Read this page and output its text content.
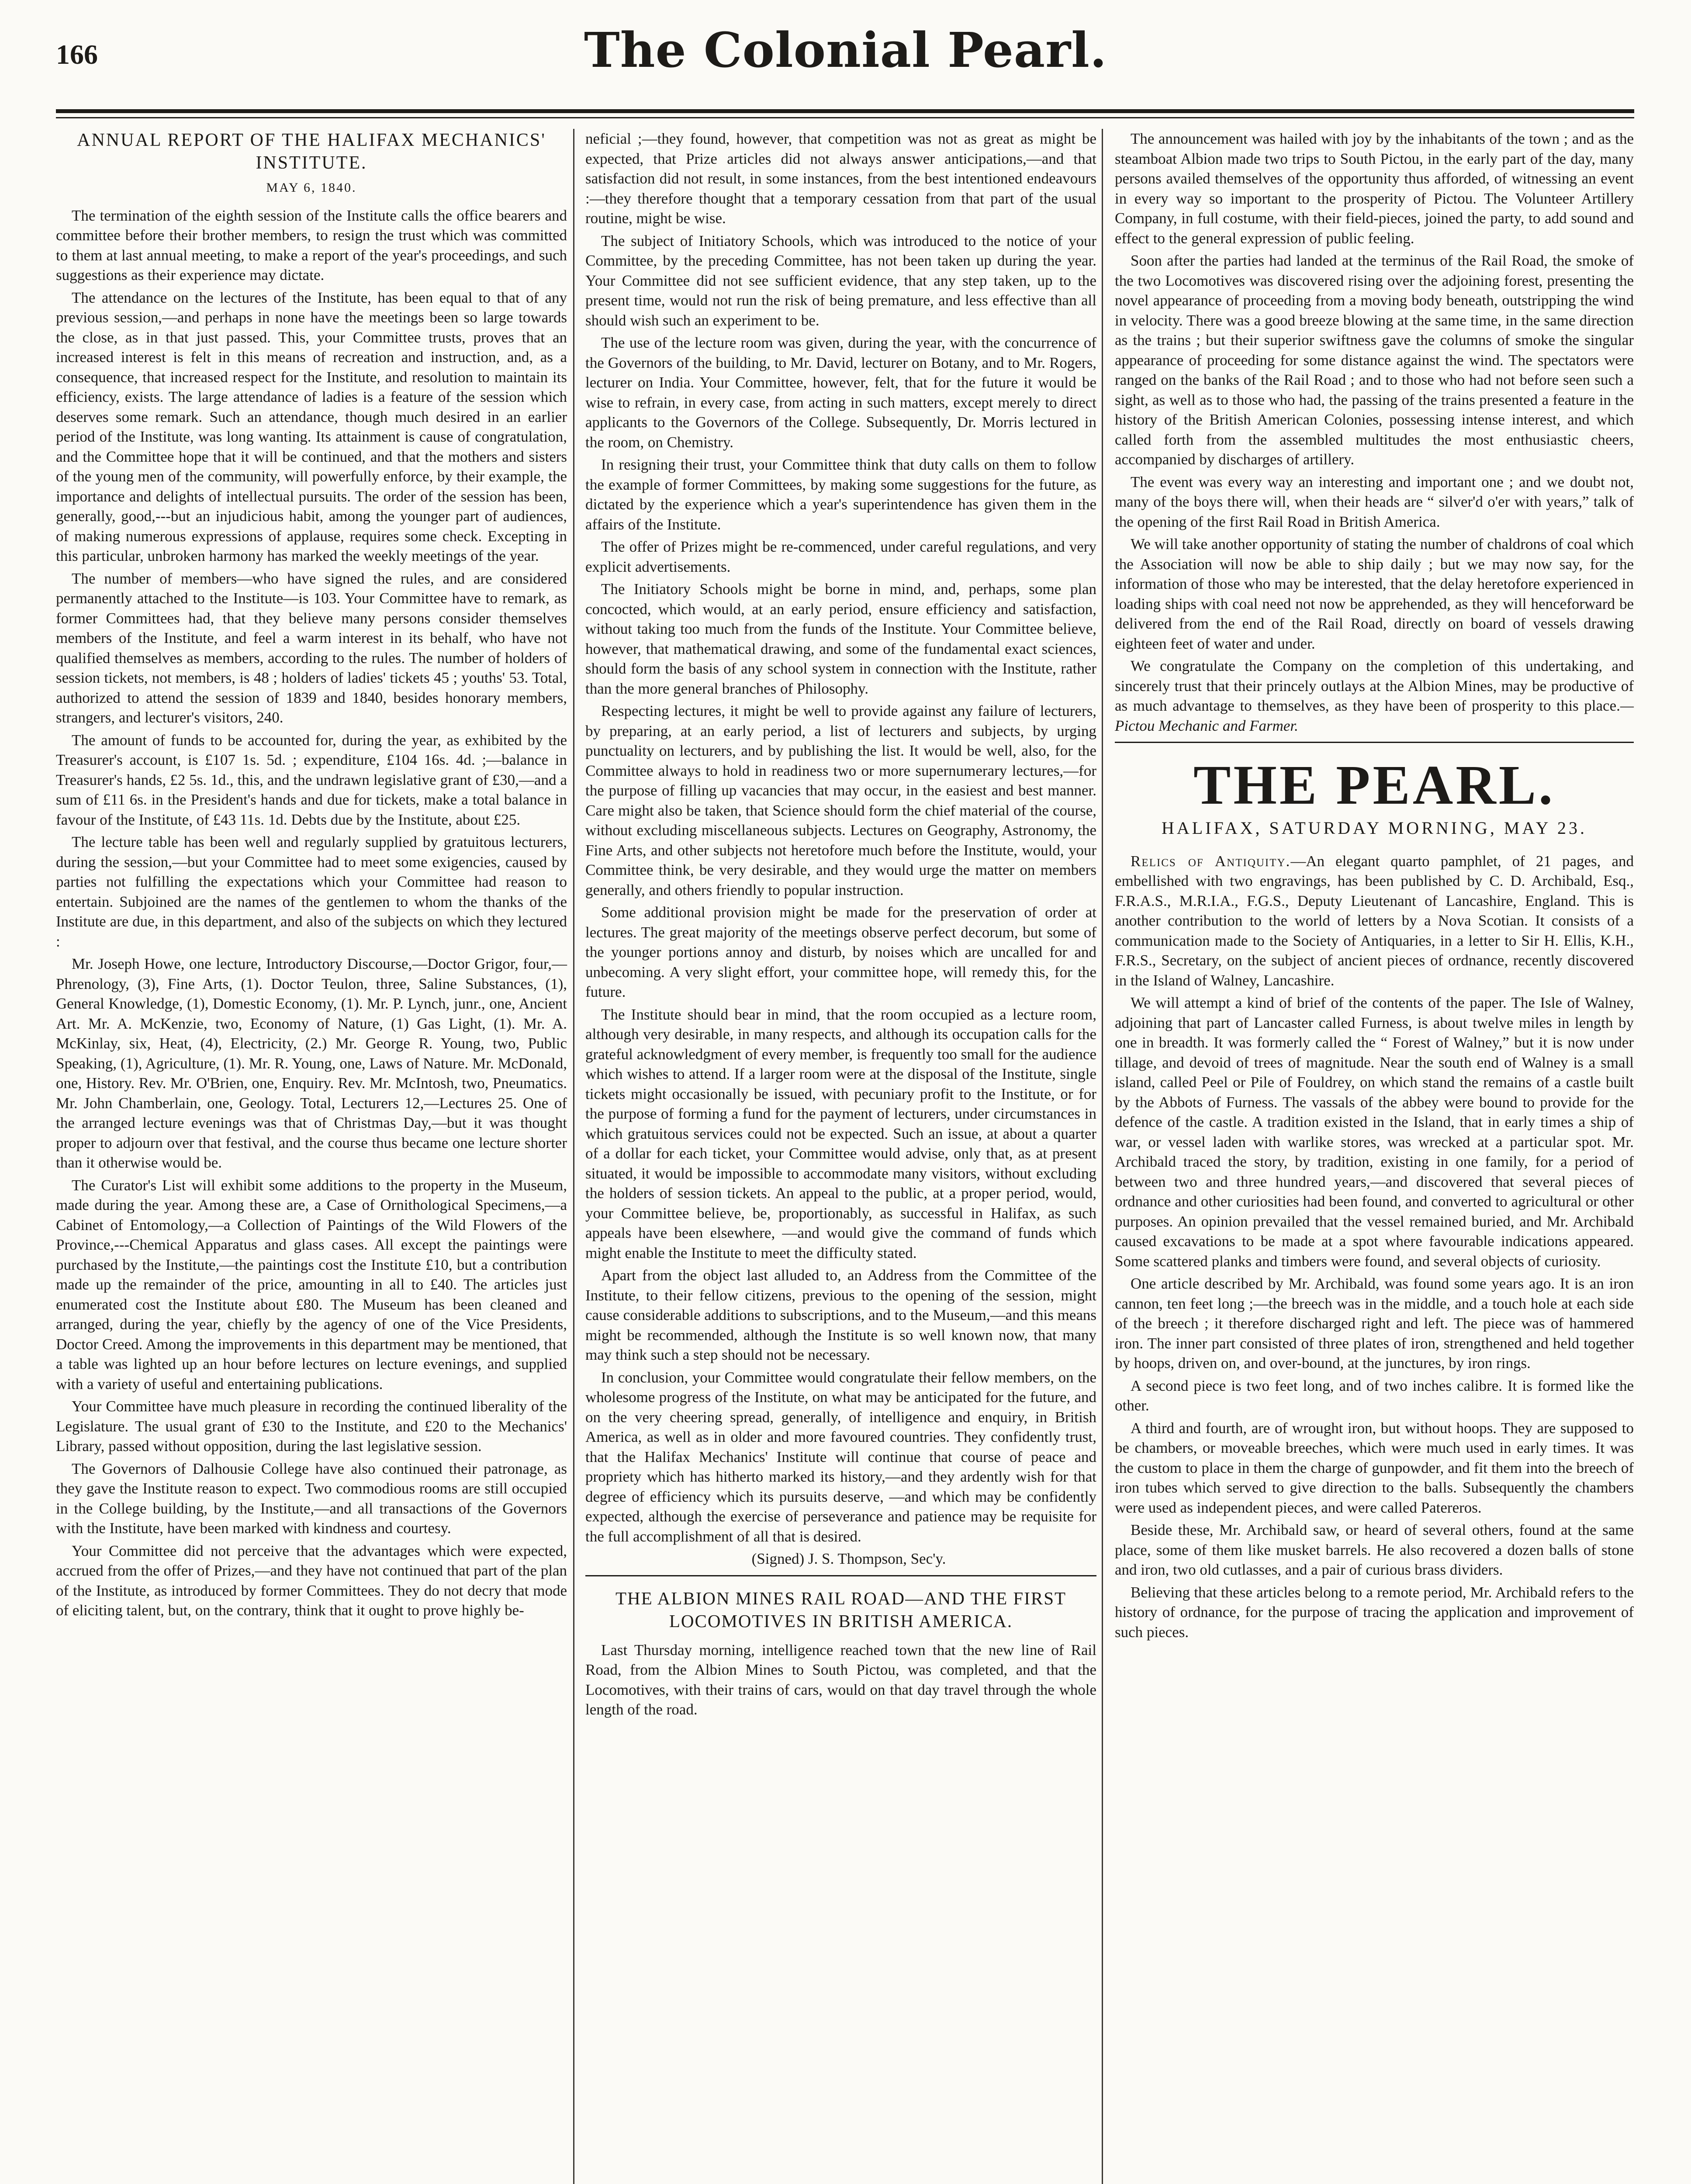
166	The Colonial Pearl.
ANNUAL REPORT OF THE HALIFAX MECHANICS' INSTITUTE.
MAY 6, 1840.

The termination of the eighth session of the Institute calls the office bearers and committee before their brother members, to resign the trust which was committed to them at last annual meeting, to make a report of the year's proceedings, and such suggestions as their experience may dictate.

The attendance on the lectures of the Institute, has been equal to that of any previous session,—and perhaps in none have the meetings been so large towards the close, as in that just passed. This, your Committee trusts, proves that an increased interest is felt in this means of recreation and instruction, and, as a consequence, that increased respect for the Institute, and resolution to maintain its efficiency, exists. The large attendance of ladies is a feature of the session which deserves some remark. Such an attendance, though much desired in an earlier period of the Institute, was long wanting. Its attainment is cause of congratulation, and the Committee hope that it will be continued, and that the mothers and sisters of the young men of the community, will powerfully enforce, by their example, the importance and delights of intellectual pursuits. The order of the session has been, generally, good,---but an injudicious habit, among the younger part of audiences, of making numerous expressions of applause, requires some check. Excepting in this particular, unbroken harmony has marked the weekly meetings of the year.

The number of members—who have signed the rules, and are considered permanently attached to the Institute—is 103. Your Committee have to remark, as former Committees had, that they believe many persons consider themselves members of the Institute, and feel a warm interest in its behalf, who have not qualified themselves as members, according to the rules. The number of holders of session tickets, not members, is 48 ; holders of ladies' tickets 45 ; youths' 53. Total, authorized to attend the session of 1839 and 1840, besides honorary members, strangers, and lecturer's visitors, 240.

The amount of funds to be accounted for, during the year, as exhibited by the Treasurer's account, is £107 1s. 5d. ; expenditure, £104 16s. 4d. ;—balance in Treasurer's hands, £2 5s. 1d., this, and the undrawn legislative grant of £30,—and a sum of £11 6s. in the President's hands and due for tickets, make a total balance in favour of the Institute, of £43 11s. 1d. Debts due by the Institute, about £25.

The lecture table has been well and regularly supplied by gratuitous lecturers, during the session,—but your Committee had to meet some exigencies, caused by parties not fulfilling the expectations which your Committee had reason to entertain. Subjoined are the names of the gentlemen to whom the thanks of the Institute are due, in this department, and also of the subjects on which they lectured :

Mr. Joseph Howe, one lecture, Introductory Discourse,—Doctor Grigor, four,—Phrenology, (3), Fine Arts, (1). Doctor Teulon, three, Saline Substances, (1), General Knowledge, (1), Domestic Economy, (1). Mr. P. Lynch, junr., one, Ancient Art. Mr. A. McKenzie, two, Economy of Nature, (1) Gas Light, (1). Mr. A. McKinlay, six, Heat, (4), Electricity, (2.) Mr. George R. Young, two, Public Speaking, (1), Agriculture, (1). Mr. R. Young, one, Laws of Nature. Mr. McDonald, one, History. Rev. Mr. O'Brien, one, Enquiry. Rev. Mr. McIntosh, two, Pneumatics. Mr. John Chamberlain, one, Geology. Total, Lecturers 12,—Lectures 25. One of the arranged lecture evenings was that of Christmas Day,—but it was thought proper to adjourn over that festival, and the course thus became one lecture shorter than it otherwise would be.

The Curator's List will exhibit some additions to the property in the Museum, made during the year. Among these are, a Case of Ornithological Specimens,—a Cabinet of Entomology,—a Collection of Paintings of the Wild Flowers of the Province,---Chemical Apparatus and glass cases. All except the paintings were purchased by the Institute,—the paintings cost the Institute £10, but a contribution made up the remainder of the price, amounting in all to £40. The articles just enumerated cost the Institute about £80. The Museum has been cleaned and arranged, during the year, chiefly by the agency of one of the Vice Presidents, Doctor Creed. Among the improvements in this department may be mentioned, that a table was lighted up an hour before lectures on lecture evenings, and supplied with a variety of useful and entertaining publications.

Your Committee have much pleasure in recording the continued liberality of the Legislature. The usual grant of £30 to the Institute, and £20 to the Mechanics' Library, passed without opposition, during the last legislative session.

The Governors of Dalhousie College have also continued their patronage, as they gave the Institute reason to expect. Two commodious rooms are still occupied in the College building, by the Institute,—and all transactions of the Governors with the Institute, have been marked with kindness and courtesy.

Your Committee did not perceive that the advantages which were expected, accrued from the offer of Prizes,—and they have not continued that part of the plan of the Institute, as introduced by former Committees. They do not decry that mode of eliciting talent, but, on the contrary, think that it ought to prove highly be-

neficial ;—they found, however, that competition was not as great as might be expected, that Prize articles did not always answer anticipations,—and that satisfaction did not result, in some instances, from the best intentioned endeavours :—they therefore thought that a temporary cessation from that part of the usual routine, might be wise.

The subject of Initiatory Schools, which was introduced to the notice of your Committee, by the preceding Committee, has not been taken up during the year. Your Committee did not see sufficient evidence, that any step taken, up to the present time, would not run the risk of being premature, and less effective than all should wish such an experiment to be.

The use of the lecture room was given, during the year, with the concurrence of the Governors of the building, to Mr. David, lecturer on Botany, and to Mr. Rogers, lecturer on India. Your Committee, however, felt, that for the future it would be wise to refrain, in every case, from acting in such matters, except merely to direct applicants to the Governors of the College. Subsequently, Dr. Morris lectured in the room, on Chemistry.

In resigning their trust, your Committee think that duty calls on them to follow the example of former Committees, by making some suggestions for the future, as dictated by the experience which a year's superintendence has given them in the affairs of the Institute.

The offer of Prizes might be re-commenced, under careful regulations, and very explicit advertisements.

The Initiatory Schools might be borne in mind, and, perhaps, some plan concocted, which would, at an early period, ensure efficiency and satisfaction, without taking too much from the funds of the Institute. Your Committee believe, however, that mathematical drawing, and some of the fundamental exact sciences, should form the basis of any school system in connection with the Institute, rather than the more general branches of Philosophy.

Respecting lectures, it might be well to provide against any failure of lecturers, by preparing, at an early period, a list of lecturers and subjects, by urging punctuality on lecturers, and by publishing the list. It would be well, also, for the Committee always to hold in readiness two or more supernumerary lectures,—for the purpose of filling up vacancies that may occur, in the easiest and best manner. Care might also be taken, that Science should form the chief material of the course, without excluding miscellaneous subjects. Lectures on Geography, Astronomy, the Fine Arts, and other subjects not heretofore much before the Institute, would, your Committee think, be very desirable, and they would urge the matter on members generally, and others friendly to popular instruction.

Some additional provision might be made for the preservation of order at lectures. The great majority of the meetings observe perfect decorum, but some of the younger portions annoy and disturb, by noises which are uncalled for and unbecoming. A very slight effort, your committee hope, will remedy this, for the future.

The Institute should bear in mind, that the room occupied as a lecture room, although very desirable, in many respects, and although its occupation calls for the grateful acknowledgment of every member, is frequently too small for the audience which wishes to attend. If a larger room were at the disposal of the Institute, single tickets might occasionally be issued, with pecuniary profit to the Institute, or for the purpose of forming a fund for the payment of lecturers, under circumstances in which gratuitous services could not be expected. Such an issue, at about a quarter of a dollar for each ticket, your Committee would advise, only that, as at present situated, it would be impossible to accommodate many visitors, without excluding the holders of session tickets. An appeal to the public, at a proper period, would, your Committee believe, be, proportionably, as successful in Halifax, as such appeals have been elsewhere, —and would give the command of funds which might enable the Institute to meet the difficulty stated.

Apart from the object last alluded to, an Address from the Committee of the Institute, to their fellow citizens, previous to the opening of the session, might cause considerable additions to subscriptions, and to the Museum,—and this means might be recommended, although the Institute is so well known now, that many may think such a step should not be necessary.

In conclusion, your Committee would congratulate their fellow members, on the wholesome progress of the Institute, on what may be anticipated for the future, and on the very cheering spread, generally, of intelligence and enquiry, in British America, as well as in older and more favoured countries. They confidently trust, that the Halifax Mechanics' Institute will continue that course of peace and propriety which has hitherto marked its history,—and they ardently wish for that degree of efficiency which its pursuits deserve, —and which may be confidently expected, although the exercise of perseverance and patience may be requisite for the full accomplishment of all that is desired.

(Signed) J. S. Thompson, Sec'y.

THE ALBION MINES RAIL ROAD—AND THE FIRST LOCOMOTIVES IN BRITISH AMERICA.

Last Thursday morning, intelligence reached town that the new line of Rail Road, from the Albion Mines to South Pictou, was completed, and that the Locomotives, with their trains of cars, would on that day travel through the whole length of the road.

The announcement was hailed with joy by the inhabitants of the town ; and as the steamboat Albion made two trips to South Pictou, in the early part of the day, many persons availed themselves of the opportunity thus afforded, of witnessing an event in every way so important to the prosperity of Pictou. The Volunteer Artillery Company, in full costume, with their field-pieces, joined the party, to add sound and effect to the general expression of public feeling.

Soon after the parties had landed at the terminus of the Rail Road, the smoke of the two Locomotives was discovered rising over the adjoining forest, presenting the novel appearance of proceeding from a moving body beneath, outstripping the wind in velocity. There was a good breeze blowing at the same time, in the same direction as the trains ; but their superior swiftness gave the columns of smoke the singular appearance of proceeding for some distance against the wind. The spectators were ranged on the banks of the Rail Road ; and to those who had not before seen such a sight, as well as to those who had, the passing of the trains presented a feature in the history of the British American Colonies, possessing intense interest, and which called forth from the assembled multitudes the most enthusiastic cheers, accompanied by discharges of artillery.

The event was every way an interesting and important one ; and we doubt not, many of the boys there will, when their heads are “ silver'd o'er with years,” talk of the opening of the first Rail Road in British America.

We will take another opportunity of stating the number of chaldrons of coal which the Association will now be able to ship daily ; but we may now say, for the information of those who may be interested, that the delay heretofore experienced in loading ships with coal need not now be apprehended, as they will henceforward be delivered from the end of the Rail Road, directly on board of vessels drawing eighteen feet of water and under.

We congratulate the Company on the completion of this undertaking, and sincerely trust that their princely outlays at the Albion Mines, may be productive of as much advantage to themselves, as they have been of prosperity to this place.—Pictou Mechanic and Farmer.

THE PEARL.
HALIFAX, SATURDAY MORNING, MAY 23.

Relics of Antiquity.—An elegant quarto pamphlet, of 21 pages, and embellished with two engravings, has been published by C. D. Archibald, Esq., F.R.A.S., M.R.I.A., F.G.S., Deputy Lieutenant of Lancashire, England. This is another contribution to the world of letters by a Nova Scotian. It consists of a communication made to the Society of Antiquaries, in a letter to Sir H. Ellis, K.H., F.R.S., Secretary, on the subject of ancient pieces of ordnance, recently discovered in the Island of Walney, Lancashire.

We will attempt a kind of brief of the contents of the paper. The Isle of Walney, adjoining that part of Lancaster called Furness, is about twelve miles in length by one in breadth. It was formerly called the “ Forest of Walney,” but it is now under tillage, and devoid of trees of magnitude. Near the south end of Walney is a small island, called Peel or Pile of Fouldrey, on which stand the remains of a castle built by the Abbots of Furness. The vassals of the abbey were bound to provide for the defence of the castle. A tradition existed in the Island, that in early times a ship of war, or vessel laden with warlike stores, was wrecked at a particular spot. Mr. Archibald traced the story, by tradition, existing in one family, for a period of between two and three hundred years,—and discovered that several pieces of ordnance and other curiosities had been found, and converted to agricultural or other purposes. An opinion prevailed that the vessel remained buried, and Mr. Archibald caused excavations to be made at a spot where favourable indications appeared. Some scattered planks and timbers were found, and several objects of curiosity.

One article described by Mr. Archibald, was found some years ago. It is an iron cannon, ten feet long ;—the breech was in the middle, and a touch hole at each side of the breech ; it therefore discharged right and left. The piece was of hammered iron. The inner part consisted of three plates of iron, strengthened and held together by hoops, driven on, and over-bound, at the junctures, by iron rings.

A second piece is two feet long, and of two inches calibre. It is formed like the other.

A third and fourth, are of wrought iron, but without hoops. They are supposed to be chambers, or moveable breeches, which were much used in early times. It was the custom to place in them the charge of gunpowder, and fit them into the breech of iron tubes which served to give direction to the balls. Subsequently the chambers were used as independent pieces, and were called Patereros.

Beside these, Mr. Archibald saw, or heard of several others, found at the same place, some of them like musket barrels. He also recovered a dozen balls of stone and iron, two old cutlasses, and a pair of curious brass dividers.

Believing that these articles belong to a remote period, Mr. Archibald refers to the history of ordnance, for the purpose of tracing the application and improvement of such pieces.
